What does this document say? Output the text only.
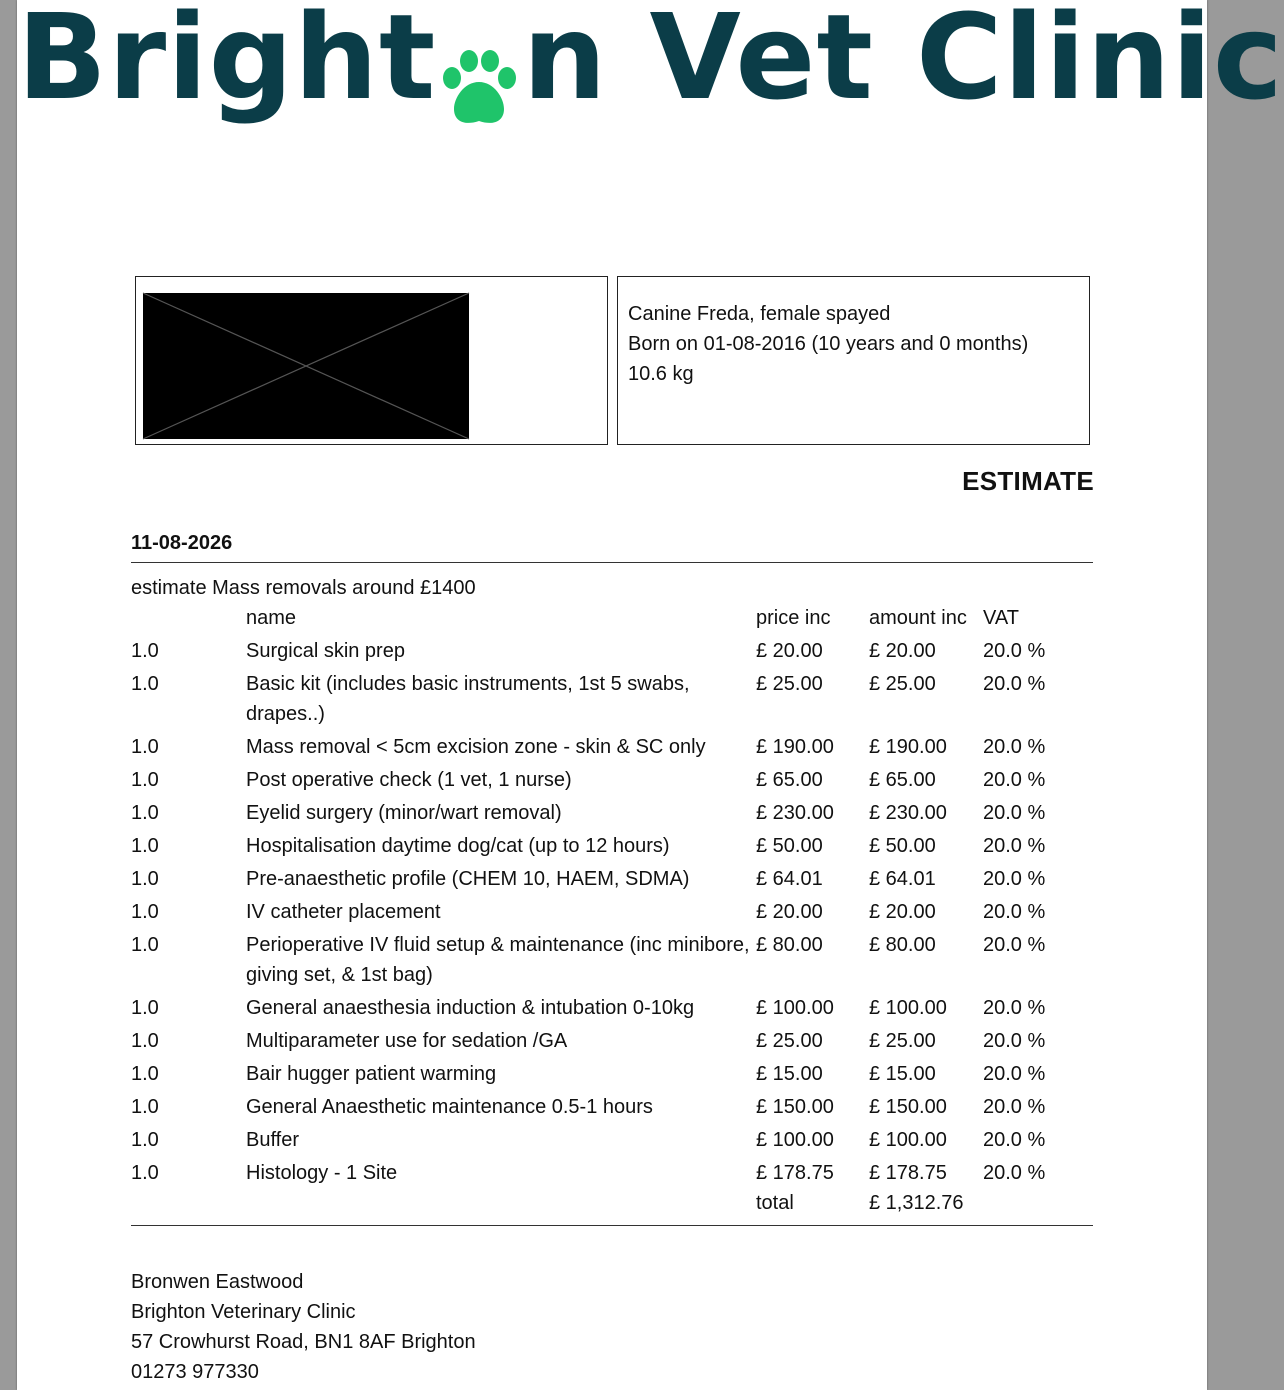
Bright n Vet Clinic
Canine Freda, female spayed
Born on 01-08-2016 (10 years and 0 months)
10.6 kg
ESTIMATE
11-08-2026
estimate Mass removals around £1400
	name	price inc	amount inc	VAT
1.0	Surgical skin prep	£ 20.00	£ 20.00	20.0 %
1.0	Basic kit (includes basic instruments, 1st 5 swabs, drapes..)	£ 25.00	£ 25.00	20.0 %
1.0	Mass removal < 5cm excision zone - skin & SC only	£ 190.00	£ 190.00	20.0 %
1.0	Post operative check (1 vet, 1 nurse)	£ 65.00	£ 65.00	20.0 %
1.0	Eyelid surgery (minor/wart removal)	£ 230.00	£ 230.00	20.0 %
1.0	Hospitalisation daytime dog/cat (up to 12 hours)	£ 50.00	£ 50.00	20.0 %
1.0	Pre-anaesthetic profile (CHEM 10, HAEM, SDMA)	£ 64.01	£ 64.01	20.0 %
1.0	IV catheter placement	£ 20.00	£ 20.00	20.0 %
1.0	Perioperative IV fluid setup & maintenance (inc minibore, giving set, & 1st bag)	£ 80.00	£ 80.00	20.0 %
1.0	General anaesthesia induction & intubation 0-10kg	£ 100.00	£ 100.00	20.0 %
1.0	Multiparameter use for sedation /GA	£ 25.00	£ 25.00	20.0 %
1.0	Bair hugger patient warming	£ 15.00	£ 15.00	20.0 %
1.0	General Anaesthetic maintenance 0.5-1 hours	£ 150.00	£ 150.00	20.0 %
1.0	Buffer	£ 100.00	£ 100.00	20.0 %
1.0	Histology - 1 Site	£ 178.75	£ 178.75	20.0 %
		total	£ 1,312.76	
Bronwen Eastwood
Brighton Veterinary Clinic
57 Crowhurst Road, BN1 8AF Brighton
01273 977330
